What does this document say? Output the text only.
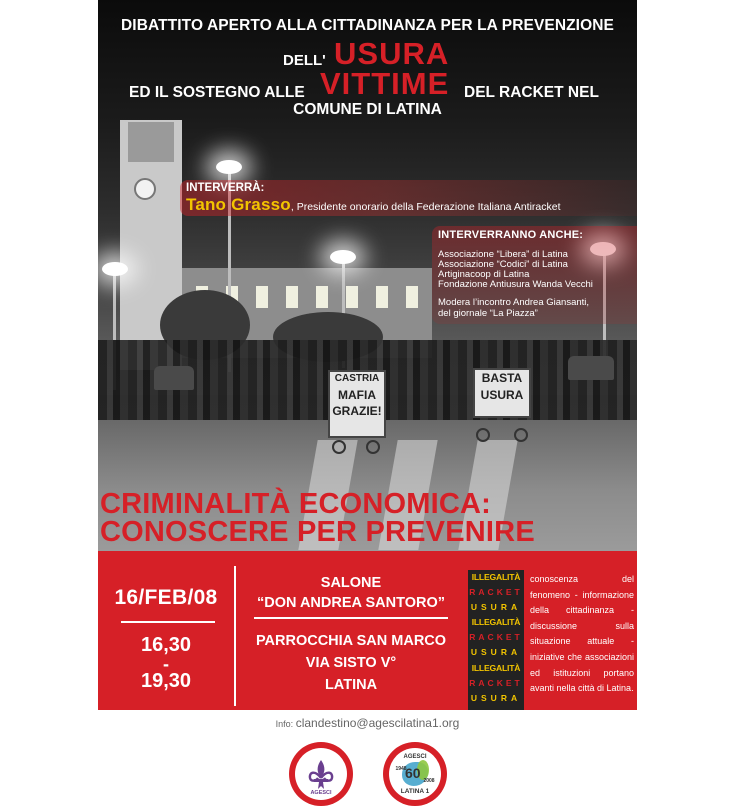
CASTRIA
MAFIA
GRAZIE!
BASTA
USURA
DIBATTITO APERTO ALLA CITTADINANZA PER LA PREVENZIONE
DELL' USURA
ED IL SOSTEGNO ALLE VITTIME DEL RACKET NEL
COMUNE DI LATINA
INTERVERRÀ:
Tano Grasso, Presidente onorario della Federazione Italiana Antiracket
INTERVERRANNO ANCHE:
Associazione “Libera” di Latina
Associazione “Codici” di Latina
Artiginacoop di Latina
Fondazione Antiusura Wanda Vecchi
Modera l’incontro Andrea Giansanti,
del giornale “La Piazza”
CRIMINALITÀ ECONOMICA:
CONOSCERE PER PREVENIRE
16/FEB/08
16,30
-
19,30
SALONE
“DON ANDREA SANTORO”
PARROCCHIA SAN MARCO
VIA SISTO V°
LATINA
ILLEGALITÀ
RACKET
USURA
ILLEGALITÀ
RACKET
USURA
ILLEGALITÀ
RACKET
USURA
conoscenza del fenomeno - informazione della cittadinanza - discussione sulla situazione attuale - iniziative che associazioni ed istituzioni portano avanti nella città di Latina.
Info: clandestino@agescilatina1.org
AGESCI
AGESCI
1948
2008
60
LATINA 1
